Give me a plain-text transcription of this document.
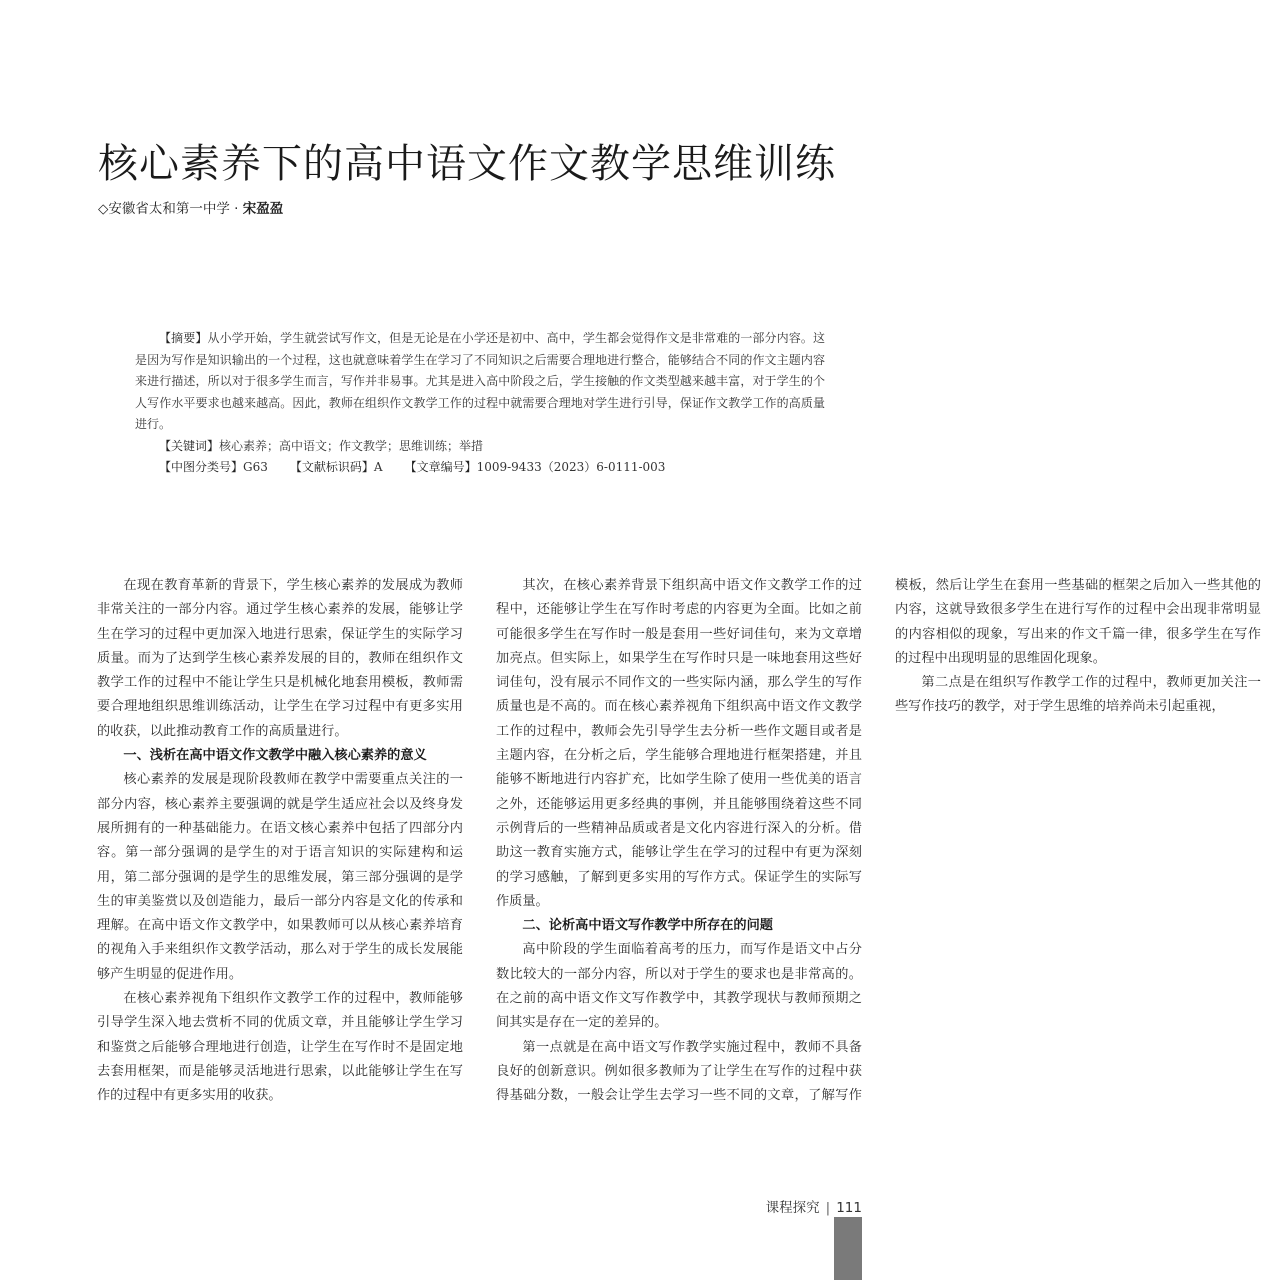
核心素养下的高中语文作文教学思维训练
◇安徽省太和第一中学 · 宋盈盈

【摘要】从小学开始，学生就尝试写作文，但是无论是在小学还是初中、高中，学生都会觉得作文是非常难的一部分内容。这是因为写作是知识输出的一个过程，这也就意味着学生在学习了不同知识之后需要合理地进行整合，能够结合不同的作文主题内容来进行描述，所以对于很多学生而言，写作并非易事。尤其是进入高中阶段之后，学生接触的作文类型越来越丰富，对于学生的个人写作水平要求也越来越高。因此，教师在组织作文教学工作的过程中就需要合理地对学生进行引导，保证作文教学工作的高质量进行。

【关键词】核心素养；高中语文；作文教学；思维训练；举措

【中图分类号】G63 【文献标识码】A 【文章编号】1009-9433（2023）6-0111-003

在现在教育革新的背景下，学生核心素养的发展成为教师非常关注的一部分内容。通过学生核心素养的发展，能够让学生在学习的过程中更加深入地进行思索，保证学生的实际学习质量。而为了达到学生核心素养发展的目的，教师在组织作文教学工作的过程中不能让学生只是机械化地套用模板，教师需要合理地组织思维训练活动，让学生在学习过程中有更多实用的收获，以此推动教育工作的高质量进行。

一、浅析在高中语文作文教学中融入核心素养的意义

核心素养的发展是现阶段教师在教学中需要重点关注的一部分内容，核心素养主要强调的就是学生适应社会以及终身发展所拥有的一种基础能力。在语文核心素养中包括了四部分内容。第一部分强调的是学生的对于语言知识的实际建构和运用，第二部分强调的是学生的思维发展，第三部分强调的是学生的审美鉴赏以及创造能力，最后一部分内容是文化的传承和理解。在高中语文作文教学中，如果教师可以从核心素养培育的视角入手来组织作文教学活动，那么对于学生的成长发展能够产生明显的促进作用。

在核心素养视角下组织作文教学工作的过程中，教师能够引导学生深入地去赏析不同的优质文章，并且能够让学生学习和鉴赏之后能够合理地进行创造，让学生在写作时不是固定地去套用框架，而是能够灵活地进行思索，以此能够让学生在写作的过程中有更多实用的收获。

其次，在核心素养背景下组织高中语文作文教学工作的过程中，还能够让学生在写作时考虑的内容更为全面。比如之前可能很多学生在写作时一般是套用一些好词佳句，来为文章增加亮点。但实际上，如果学生在写作时只是一味地套用这些好词佳句，没有展示不同作文的一些实际内涵，那么学生的写作质量也是不高的。而在核心素养视角下组织高中语文作文教学工作的过程中，教师会先引导学生去分析一些作文题目或者是主题内容，在分析之后，学生能够合理地进行框架搭建，并且能够不断地进行内容扩充，比如学生除了使用一些优美的语言之外，还能够运用更多经典的事例，并且能够围绕着这些不同示例背后的一些精神品质或者是文化内容进行深入的分析。借助这一教育实施方式，能够让学生在学习的过程中有更为深刻的学习感触，了解到更多实用的写作方式。保证学生的实际写作质量。

二、论析高中语文写作教学中所存在的问题

高中阶段的学生面临着高考的压力，而写作是语文中占分数比较大的一部分内容，所以对于学生的要求也是非常高的。在之前的高中语文作文写作教学中，其教学现状与教师预期之间其实是存在一定的差异的。

第一点就是在高中语文写作教学实施过程中，教师不具备良好的创新意识。例如很多教师为了让学生在写作的过程中获得基础分数，一般会让学生去学习一些不同的文章，了解写作模板，然后让学生在套用一些基础的框架之后加入一些其他的内容，这就导致很多学生在进行写作的过程中会出现非常明显的内容相似的现象，写出来的作文千篇一律，很多学生在写作的过程中出现明显的思维固化现象。

第二点是在组织写作教学工作的过程中，教师更加关注一些写作技巧的教学，对于学生思维的培养尚未引起重视，

课程探究 | 111
